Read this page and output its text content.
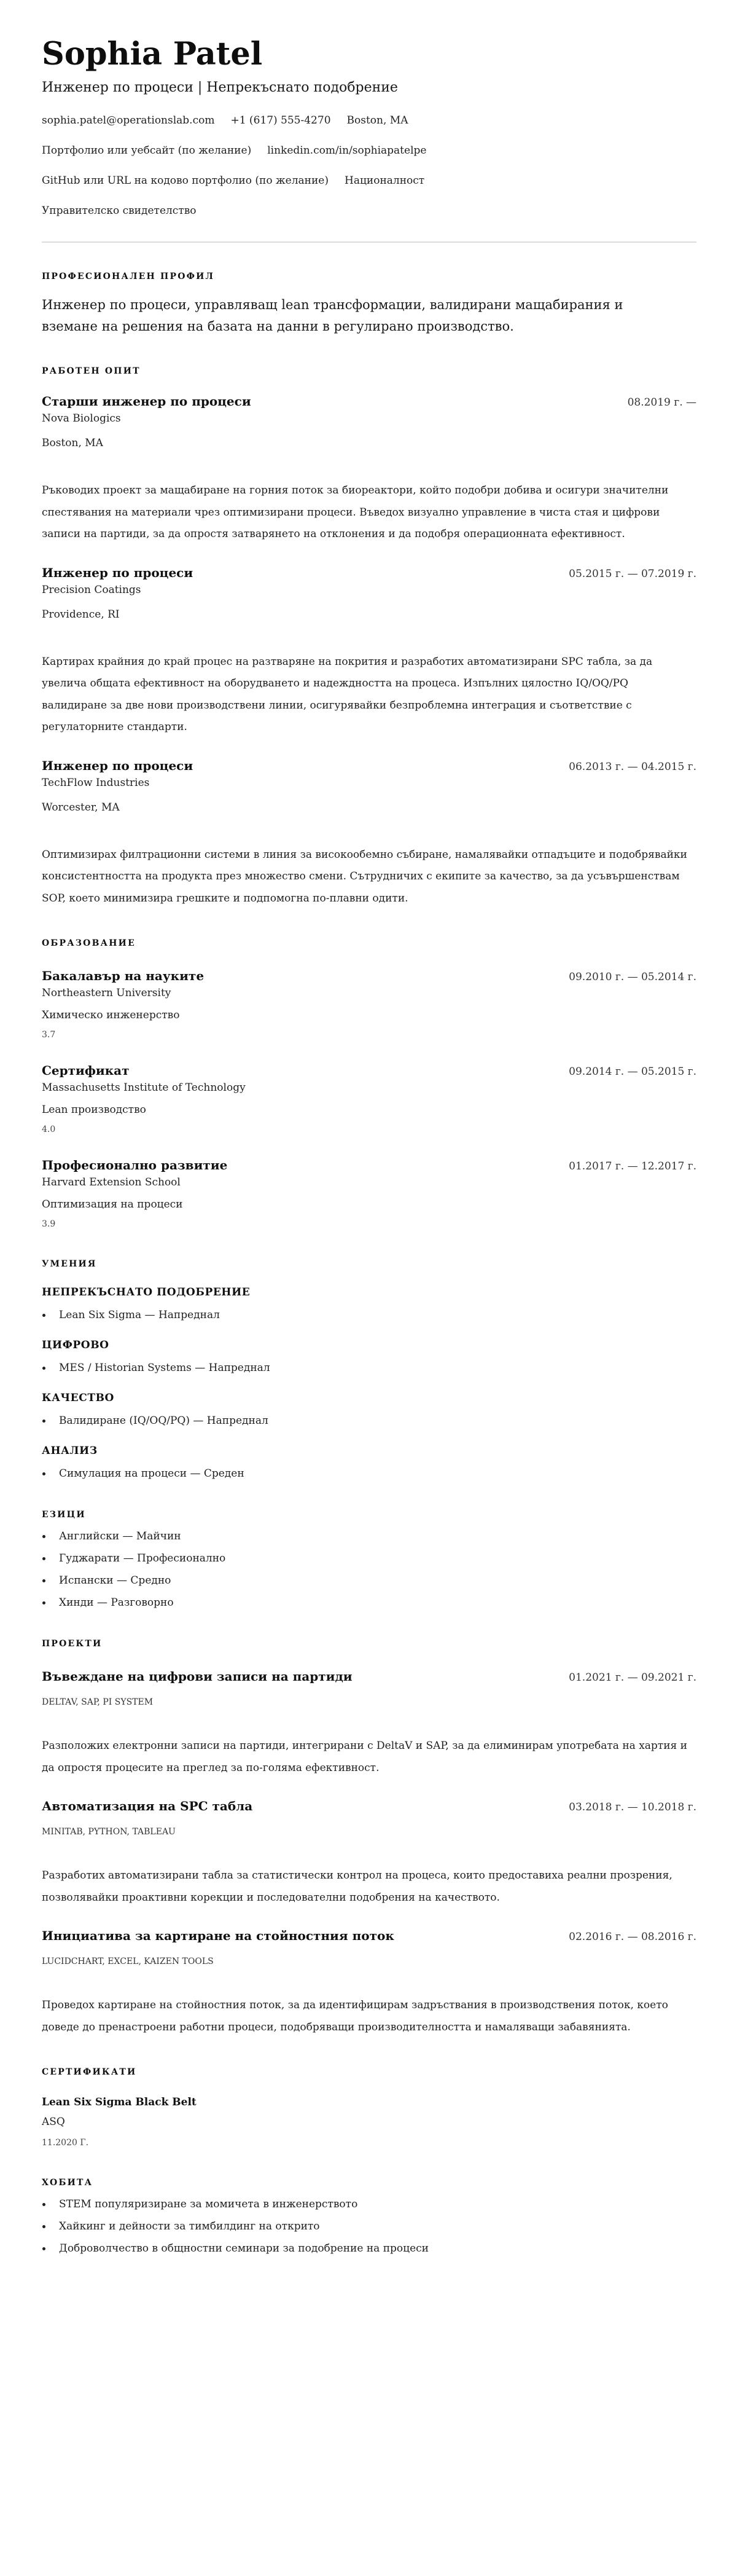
Sophia Patel
Инженер по процеси | Непрекъснато подобрение
sophia.patel@operationslab.com +1 (617) 555-4270 Boston, MA
Портфолио или уебсайт (по желание) linkedin.com/in/sophiapatelpe
GitHub или URL на кодово портфолио (по желание) Националност
Управителско свидетелство
ПРОФЕСИОНАЛЕН ПРОФИЛ

Инженер по процеси, управляващ lean трансформации, валидирани мащабирания и вземане на решения на базата на данни в регулирано производство.

РАБОТЕН ОПИТ
Старши инженер по процеси	08.2019 г. —
Nova Biologics
Boston, MA

Ръководих проект за мащабиране на горния поток за биореактори, който подобри добива и осигури значителни спестявания на материали чрез оптимизирани процеси. Въведох визуално управление в чиста стая и цифрови записи на партиди, за да опростя затварянето на отклонения и да подобря операционната ефективност.

Инженер по процеси	05.2015 г. — 07.2019 г.
Precision Coatings
Providence, RI

Картирах крайния до край процес на разтваряне на покрития и разработих автоматизирани SPC табла, за да увелича общата ефективност на оборудването и надеждността на процеса. Изпълних цялостно IQ/OQ/PQ валидиране за две нови производствени линии, осигурявайки безпроблемна интеграция и съответствие с регулаторните стандарти.

Инженер по процеси	06.2013 г. — 04.2015 г.
TechFlow Industries
Worcester, MA

Оптимизирах филтрационни системи в линия за високообемно събиране, намалявайки отпадъците и подобрявайки консистентността на продукта през множество смени. Сътрудничих с екипите за качество, за да усъвършенствам SOP, което минимизира грешките и подпомогна по-плавни одити.

ОБРАЗОВАНИЕ
Бакалавър на науките	09.2010 г. — 05.2014 г.
Northeastern University
Химическо инженерство
3.7
Сертификат	09.2014 г. — 05.2015 г.
Massachusetts Institute of Technology
Lean производство
4.0
Професионално развитие	01.2017 г. — 12.2017 г.
Harvard Extension School
Оптимизация на процеси
3.9
УМЕНИЯ
НЕПРЕКЪСНАТО ПОДОБРЕНИЕ
Lean Six Sigma — Напреднал
ЦИФРОВО
MES / Historian Systems — Напреднал
КАЧЕСТВО
Валидиране (IQ/OQ/PQ) — Напреднал
АНАЛИЗ
Симулация на процеси — Среден
ЕЗИЦИ
Английски — Майчин
Гуджарати — Професионално
Испански — Средно
Хинди — Разговорно
ПРОЕКТИ
Въвеждане на цифрови записи на партиди	01.2021 г. — 09.2021 г.
DELTAV, SAP, PI SYSTEM

Разположих електронни записи на партиди, интегрирани с DeltaV и SAP, за да елиминирам употребата на хартия и да опростя процесите на преглед за по-голяма ефективност.

Автоматизация на SPC табла	03.2018 г. — 10.2018 г.
MINITAB, PYTHON, TABLEAU

Разработих автоматизирани табла за статистически контрол на процеса, които предоставиха реални прозрения, позволявайки проактивни корекции и последователни подобрения на качеството.

Инициатива за картиране на стойностния поток	02.2016 г. — 08.2016 г.
LUCIDCHART, EXCEL, KAIZEN TOOLS

Проведох картиране на стойностния поток, за да идентифицирам задръствания в производствения поток, което доведе до пренастроени работни процеси, подобряващи производителността и намаляващи забавянията.

СЕРТИФИКАТИ
Lean Six Sigma Black Belt
ASQ
11.2020 Г.
ХОБИТА
STEM популяризиране за момичета в инженерството
Хайкинг и дейности за тимбилдинг на открито
Доброволчество в общностни семинари за подобрение на процеси
